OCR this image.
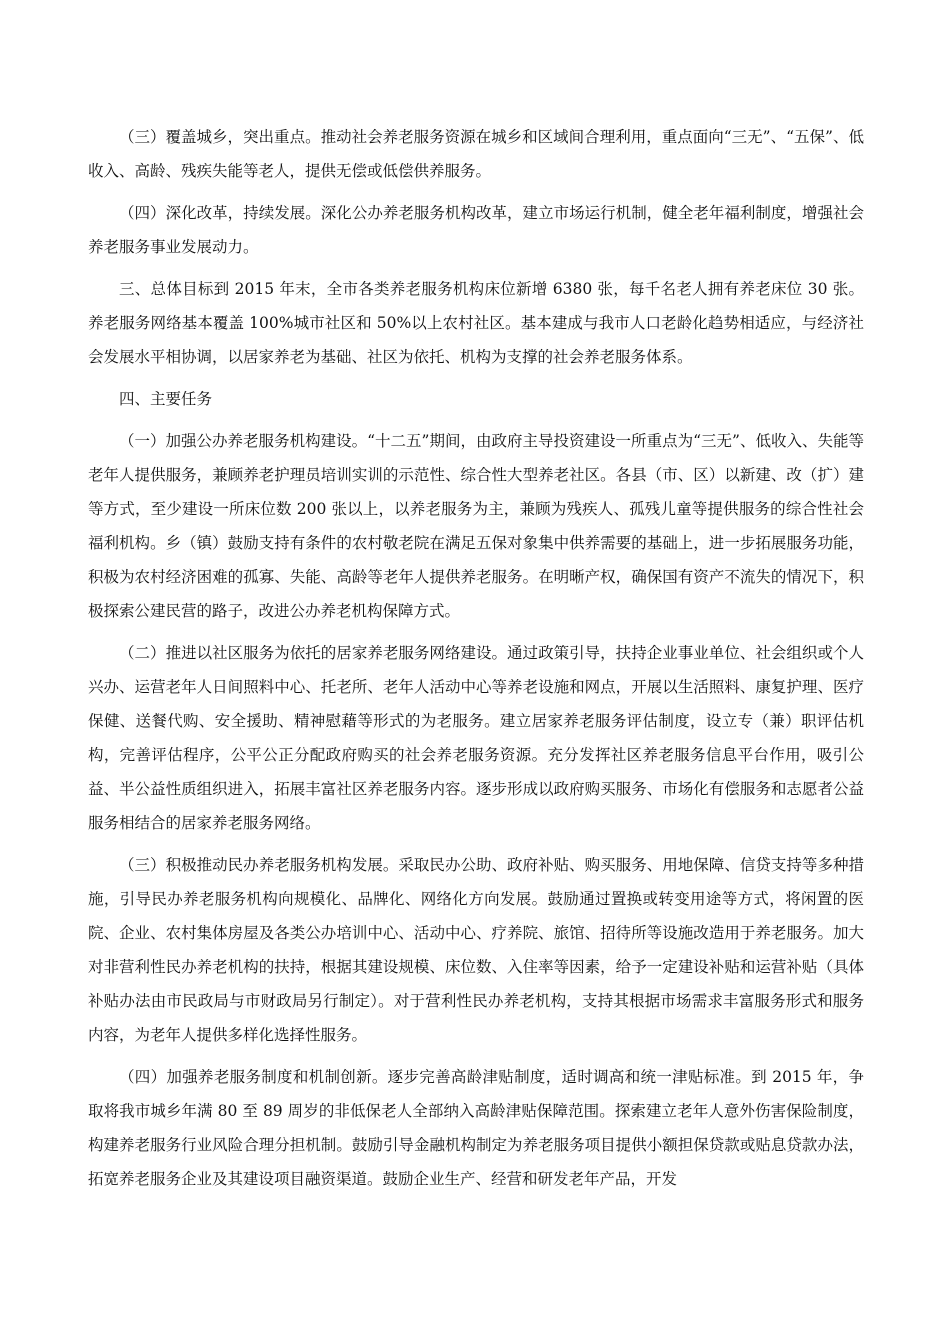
（三）覆盖城乡，突出重点。推动社会养老服务资源在城乡和区域间合理利用，重点面向“三无”、“五保”、低收入、高龄、残疾失能等老人，提供无偿或低偿供养服务。

（四）深化改革，持续发展。深化公办养老服务机构改革，建立市场运行机制，健全老年福利制度，增强社会养老服务事业发展动力。

三、总体目标到 2015 年末，全市各类养老服务机构床位新增 6380 张，每千名老人拥有养老床位 30 张。养老服务网络基本覆盖 100%城市社区和 50%以上农村社区。基本建成与我市人口老龄化趋势相适应，与经济社会发展水平相协调，以居家养老为基础、社区为依托、机构为支撑的社会养老服务体系。

四、主要任务

（一）加强公办养老服务机构建设。“十二五”期间，由政府主导投资建设一所重点为“三无”、低收入、失能等老年人提供服务，兼顾养老护理员培训实训的示范性、综合性大型养老社区。各县（市、区）以新建、改（扩）建等方式，至少建设一所床位数 200 张以上，以养老服务为主，兼顾为残疾人、孤残儿童等提供服务的综合性社会福利机构。乡（镇）鼓励支持有条件的农村敬老院在满足五保对象集中供养需要的基础上，进一步拓展服务功能，积极为农村经济困难的孤寡、失能、高龄等老年人提供养老服务。在明晰产权，确保国有资产不流失的情况下，积极探索公建民营的路子，改进公办养老机构保障方式。

（二）推进以社区服务为依托的居家养老服务网络建设。通过政策引导，扶持企业事业单位、社会组织或个人兴办、运营老年人日间照料中心、托老所、老年人活动中心等养老设施和网点，开展以生活照料、康复护理、医疗保健、送餐代购、安全援助、精神慰藉等形式的为老服务。建立居家养老服务评估制度，设立专（兼）职评估机构，完善评估程序，公平公正分配政府购买的社会养老服务资源。充分发挥社区养老服务信息平台作用，吸引公益、半公益性质组织进入，拓展丰富社区养老服务内容。逐步形成以政府购买服务、市场化有偿服务和志愿者公益服务相结合的居家养老服务网络。

（三）积极推动民办养老服务机构发展。采取民办公助、政府补贴、购买服务、用地保障、信贷支持等多种措施，引导民办养老服务机构向规模化、品牌化、网络化方向发展。鼓励通过置换或转变用途等方式，将闲置的医院、企业、农村集体房屋及各类公办培训中心、活动中心、疗养院、旅馆、招待所等设施改造用于养老服务。加大对非营利性民办养老机构的扶持，根据其建设规模、床位数、入住率等因素，给予一定建设补贴和运营补贴（具体补贴办法由市民政局与市财政局另行制定）。对于营利性民办养老机构，支持其根据市场需求丰富服务形式和服务内容，为老年人提供多样化选择性服务。

（四）加强养老服务制度和机制创新。逐步完善高龄津贴制度，适时调高和统一津贴标准。到 2015 年，争取将我市城乡年满 80 至 89 周岁的非低保老人全部纳入高龄津贴保障范围。探索建立老年人意外伤害保险制度，构建养老服务行业风险合理分担机制。鼓励引导金融机构制定为养老服务项目提供小额担保贷款或贴息贷款办法，拓宽养老服务企业及其建设项目融资渠道。鼓励企业生产、经营和研发老年产品，开发
